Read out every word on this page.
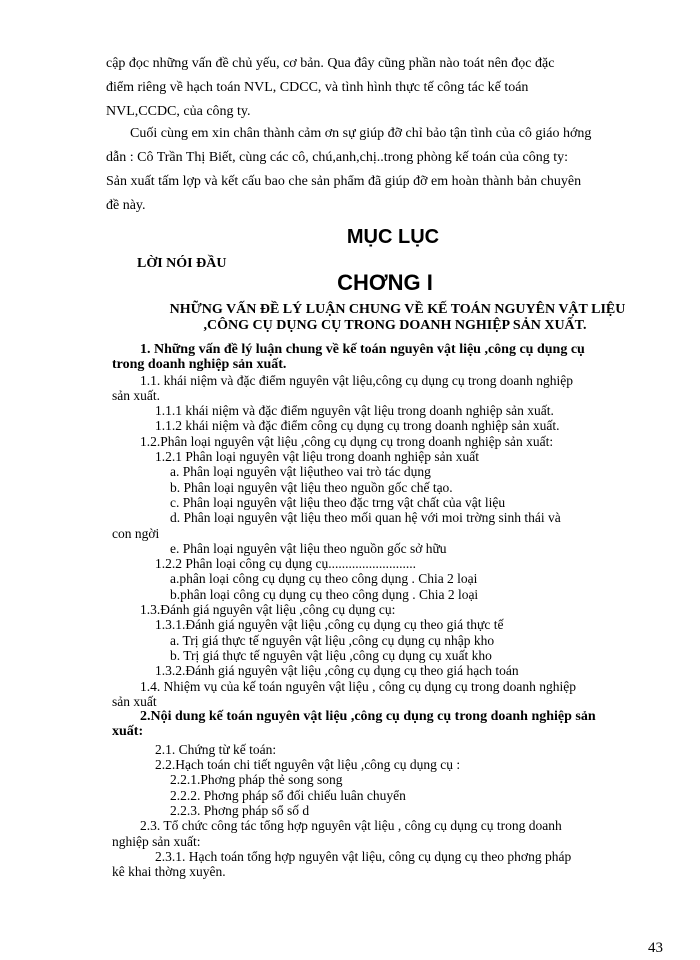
cập đọc những vấn đề chủ yếu, cơ bản. Qua đây cũng phần nào toát nên đọc đặc
điểm riêng về hạch toán NVL, CDCC, và tình hình thực tế công tác kế toán
NVL,CCDC, của công ty.
Cuối cùng em xin chân thành cảm ơn sự giúp đỡ chỉ bảo tận tình của cô giáo hớng
dẫn : Cô Trần Thị Biết, cùng các cô, chú,anh,chị..trong phòng kế toán của công ty:
Sản xuất tấm lợp và kết cấu bao che sản phẩm đã giúp đỡ em hoàn thành bản chuyên
đề này.
MỤC LỤC
LỜI NÓI ĐẦU
CHƠNG I
NHỮNG VẤN ĐỀ LÝ LUẬN CHUNG VỀ KẾ TOÁN NGUYÊN VẬT LIỆU
,CÔNG CỤ DỤNG CỤ TRONG DOANH NGHIỆP SẢN XUẤT.

1. Những vấn đề lý luận chung về kế toán nguyên vật liệu ,công cụ dụng cụ

trong doanh nghiệp sản xuất.

1.1. khái niệm và đặc điểm nguyên vật liệu,công cụ dụng cụ trong doanh nghiệp

sản xuất.

1.1.1 khái niệm và đặc điểm nguyên vật liệu trong doanh nghiệp sản xuất.

1.1.2 khái niệm và đặc điểm công cụ dụng cụ trong doanh nghiệp sản xuất.

1.2.Phân loại nguyên vật liệu ,công cụ dụng cụ trong doanh nghiệp sản xuất:

1.2.1 Phân loại nguyên vật liệu trong doanh nghiệp sản xuất

a. Phân loại nguyên vật liệutheo vai trò tác dụng

b. Phân loại nguyên vật liệu theo nguồn gốc chế tạo.

c. Phân loại nguyên vật liệu theo đặc trng vật chất của vật liệu

d. Phân loại nguyên vật liệu theo mối quan hệ với moi trờng sinh thái và

con ngời

e. Phân loại nguyên vật liệu theo nguồn gốc sở hữu

1.2.2 Phân loại công cụ dụng cụ..........................

a.phân loại công cụ dụng cụ theo công dụng . Chia 2 loại

b.phân loại công cụ dụng cụ theo công dụng . Chia 2 loại

1.3.Đánh giá nguyên vật liệu ,công cụ dụng cụ:

1.3.1.Đánh giá nguyên vật liệu ,công cụ dụng cụ theo giá thực tế

a. Trị giá thực tế nguyên vật liệu ,công cụ dụng cụ nhập kho

b. Trị giá thực tế nguyên vật liệu ,công cụ dụng cụ xuất kho

1.3.2.Đánh giá nguyên vật liệu ,công cụ dụng cụ theo giá hạch toán

1.4. Nhiệm vụ của kế toán nguyên vật liệu , công cụ dụng cụ trong doanh nghiệp

sản xuất

2.Nội dung kế toán nguyên vật liệu ,công cụ dụng cụ trong doanh nghiệp sản

xuất:

2.1. Chứng từ kế toán:

2.2.Hạch toán chi tiết nguyên vật liệu ,công cụ dụng cụ :

2.2.1.Phơng pháp thẻ song song

2.2.2. Phơng pháp sổ đối chiếu luân chuyển

2.2.3. Phơng pháp sổ số d

2.3. Tổ chức công tác tổng hợp nguyên vật liệu , công cụ dụng cụ trong doanh

nghiệp sản xuất:

2.3.1. Hạch toán tổng hợp nguyên vật liệu, công cụ dụng cụ theo phơng pháp

kê khai thờng xuyên.

43
